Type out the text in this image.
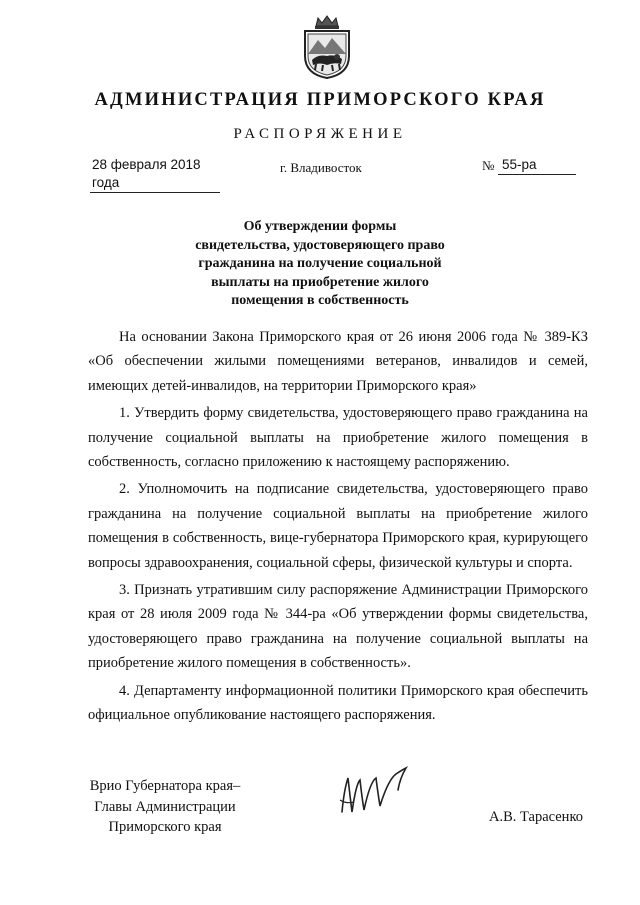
АДМИНИСТРАЦИЯ ПРИМОРСКОГО КРАЯ
РАСПОРЯЖЕНИЕ
28 февраля 2018 года
г. Владивосток	№ 55-ра
Об утверждении формы
свидетельства, удостоверяющего право
гражданина на получение социальной
выплаты на приобретение жилого
помещения в собственность

На основании Закона Приморского края от 26 июня 2006 года № 389-КЗ «Об обеспечении жилыми помещениями ветеранов, инвалидов и семей, имеющих детей-инвалидов, на территории Приморского края»

1. Утвердить форму свидетельства, удостоверяющего право гражданина на получение социальной выплаты на приобретение жилого помещения в собственность, согласно приложению к настоящему распоряжению.

2. Уполномочить на подписание свидетельства, удостоверяющего право гражданина на получение социальной выплаты на приобретение жилого помещения в собственность, вице-губернатора Приморского края, курирующего вопросы здравоохранения, социальной сферы, физической культуры и спорта.

3. Признать утратившим силу распоряжение Администрации Приморского края от 28 июля 2009 года № 344-ра «Об утверждении формы свидетельства, удостоверяющего право гражданина на получение социальной выплаты на приобретение жилого помещения в собственность».

4. Департаменту информационной политики Приморского края обеспечить официальное опубликование настоящего распоряжения.

Врио Губернатора края–
Главы Администрации
Приморского края
А.В. Тарасенко
